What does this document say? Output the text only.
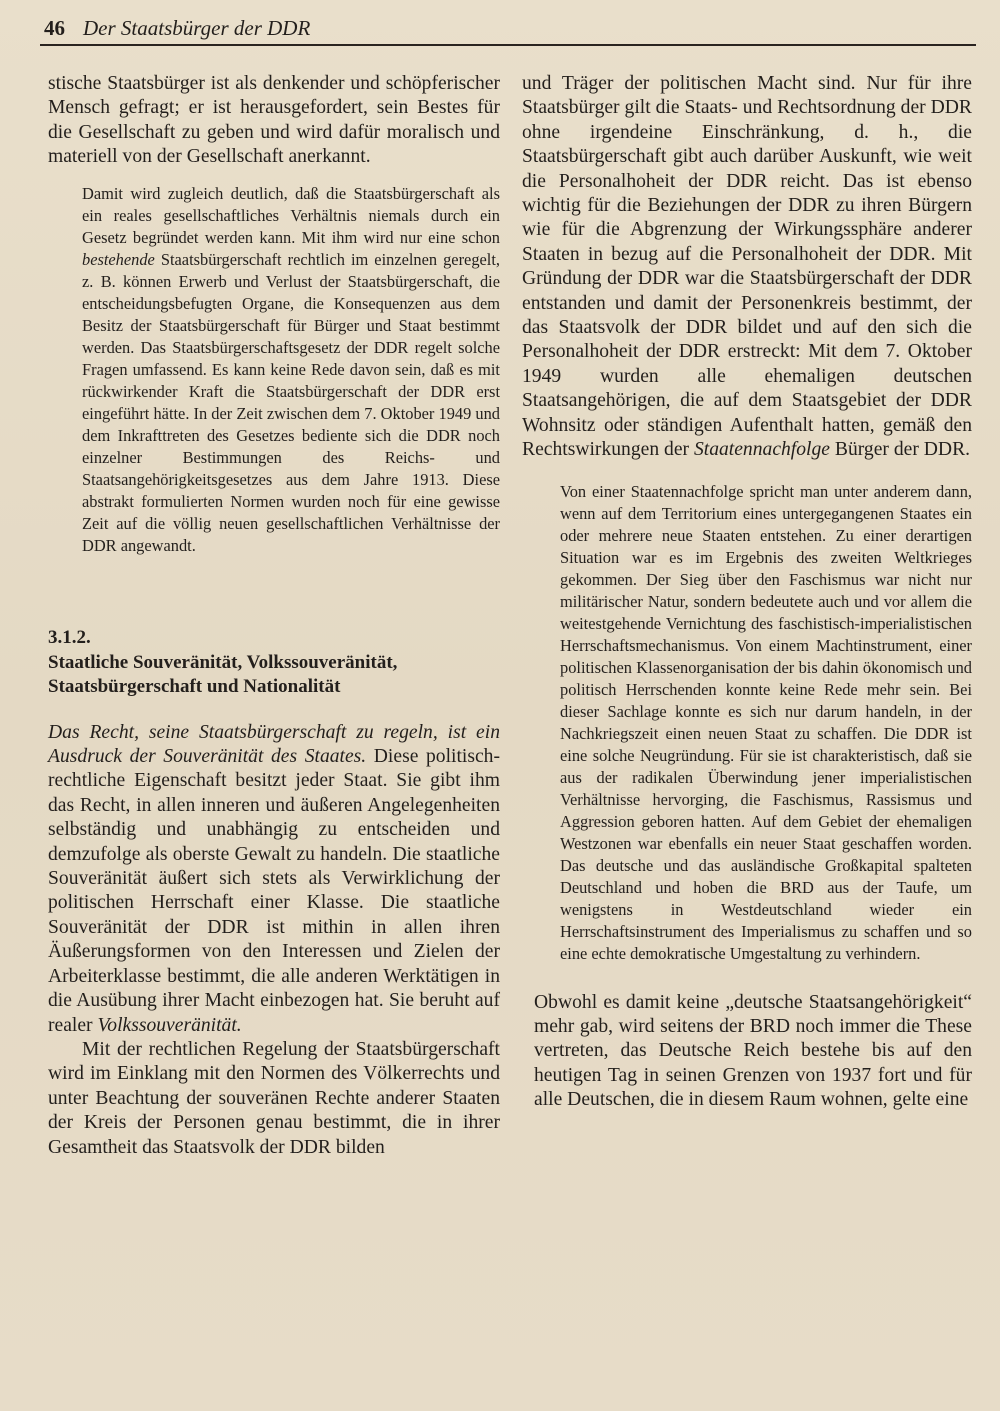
46 Der Staatsbürger der DDR

stische Staatsbürger ist als denkender und schöpferischer Mensch gefragt; er ist herausgefordert, sein Bestes für die Gesellschaft zu geben und wird dafür moralisch und materiell von der Gesellschaft anerkannt.

Damit wird zugleich deutlich, daß die Staatsbürgerschaft als ein reales gesellschaftliches Verhältnis niemals durch ein Gesetz begründet werden kann. Mit ihm wird nur eine schon bestehende Staatsbürgerschaft rechtlich im einzelnen geregelt, z. B. können Erwerb und Verlust der Staatsbürgerschaft, die entscheidungsbefugten Organe, die Konsequenzen aus dem Besitz der Staatsbürgerschaft für Bürger und Staat bestimmt werden. Das Staatsbürgerschaftsgesetz der DDR regelt solche Fragen umfassend. Es kann keine Rede davon sein, daß es mit rückwirkender Kraft die Staatsbürgerschaft der DDR erst eingeführt hätte. In der Zeit zwischen dem 7. Oktober 1949 und dem Inkrafttreten des Gesetzes bediente sich die DDR noch einzelner Bestimmungen des Reichs- und Staatsangehörigkeitsgesetzes aus dem Jahre 1913. Diese abstrakt formulierten Normen wurden noch für eine gewisse Zeit auf die völlig neuen gesellschaftlichen Verhältnisse der DDR angewandt.

3.1.2.
Staatliche Souveränität, Volkssouveränität, Staatsbürgerschaft und Nationalität

Das Recht, seine Staatsbürgerschaft zu regeln, ist ein Ausdruck der Souveränität des Staates. Diese politisch-rechtliche Eigenschaft besitzt jeder Staat. Sie gibt ihm das Recht, in allen inneren und äußeren Angelegenheiten selbständig und unabhängig zu entscheiden und demzufolge als oberste Gewalt zu handeln. Die staatliche Souveränität äußert sich stets als Verwirklichung der politischen Herrschaft einer Klasse. Die staatliche Souveränität der DDR ist mithin in allen ihren Äußerungsformen von den Interessen und Zielen der Arbeiterklasse bestimmt, die alle anderen Werktätigen in die Ausübung ihrer Macht einbezogen hat. Sie beruht auf realer Volkssouveränität.

Mit der rechtlichen Regelung der Staatsbürgerschaft wird im Einklang mit den Normen des Völkerrechts und unter Beachtung der souveränen Rechte anderer Staaten der Kreis der Personen genau bestimmt, die in ihrer Gesamtheit das Staatsvolk der DDR bilden

und Träger der politischen Macht sind. Nur für ihre Staatsbürger gilt die Staats- und Rechtsordnung der DDR ohne irgendeine Einschränkung, d. h., die Staatsbürgerschaft gibt auch darüber Auskunft, wie weit die Personalhoheit der DDR reicht. Das ist ebenso wichtig für die Beziehungen der DDR zu ihren Bürgern wie für die Abgrenzung der Wirkungssphäre anderer Staaten in bezug auf die Personalhoheit der DDR. Mit Gründung der DDR war die Staatsbürgerschaft der DDR entstanden und damit der Personenkreis bestimmt, der das Staatsvolk der DDR bildet und auf den sich die Personalhoheit der DDR erstreckt: Mit dem 7. Oktober 1949 wurden alle ehemaligen deutschen Staatsangehörigen, die auf dem Staatsgebiet der DDR Wohnsitz oder ständigen Aufenthalt hatten, gemäß den Rechtswirkungen der Staatennachfolge Bürger der DDR.

Von einer Staatennachfolge spricht man unter anderem dann, wenn auf dem Territorium eines untergegangenen Staates ein oder mehrere neue Staaten entstehen. Zu einer derartigen Situation war es im Ergebnis des zweiten Weltkrieges gekommen. Der Sieg über den Faschismus war nicht nur militärischer Natur, sondern bedeutete auch und vor allem die weitestgehende Vernichtung des faschistisch-imperialistischen Herrschaftsmechanismus. Von einem Machtinstrument, einer politischen Klassenorganisation der bis dahin ökonomisch und politisch Herrschenden konnte keine Rede mehr sein. Bei dieser Sachlage konnte es sich nur darum handeln, in der Nachkriegszeit einen neuen Staat zu schaffen. Die DDR ist eine solche Neugründung. Für sie ist charakteristisch, daß sie aus der radikalen Überwindung jener imperialistischen Verhältnisse hervorging, die Faschismus, Rassismus und Aggression geboren hatten. Auf dem Gebiet der ehemaligen Westzonen war ebenfalls ein neuer Staat geschaffen worden. Das deutsche und das ausländische Großkapital spalteten Deutschland und hoben die BRD aus der Taufe, um wenigstens in Westdeutschland wieder ein Herrschaftsinstrument des Imperialismus zu schaffen und so eine echte demokratische Umgestaltung zu verhindern.

Obwohl es damit keine „deutsche Staatsangehörigkeit“ mehr gab, wird seitens der BRD noch immer die These vertreten, das Deutsche Reich bestehe bis auf den heutigen Tag in seinen Grenzen von 1937 fort und für alle Deutschen, die in diesem Raum wohnen, gelte eine
